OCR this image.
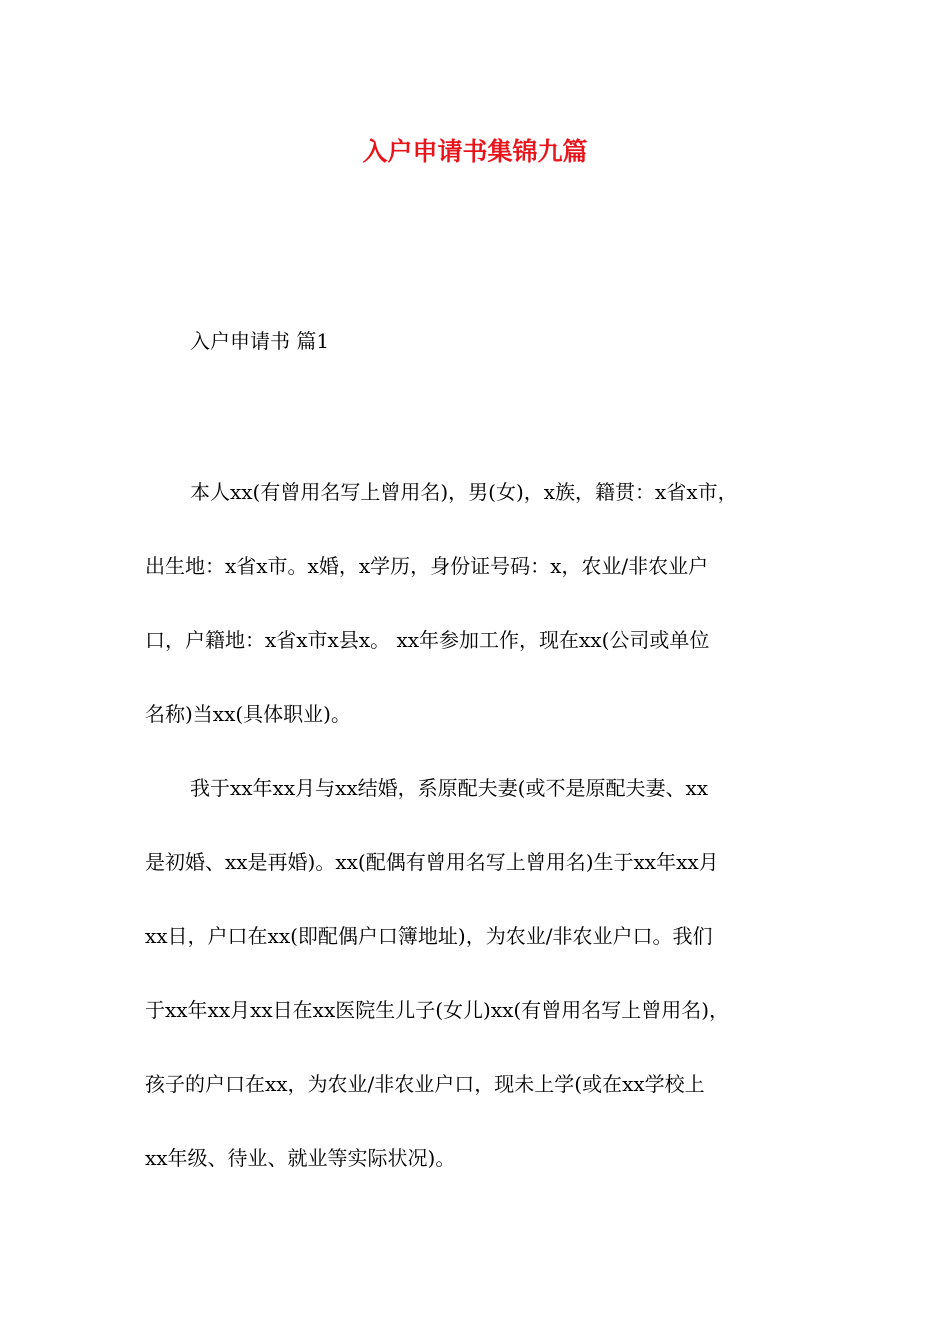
入户申请书集锦九篇

入户申请书 篇1

本人xx(有曾用名写上曾用名)，男(女)，x族，籍贯：x省x市，
出生地：x省x市。x婚，x学历，身份证号码：x，农业/非农业户
口，户籍地：x省x市x县x。 xx年参加工作，现在xx(公司或单位
名称)当xx(具体职业)。
我于xx年xx月与xx结婚，系原配夫妻(或不是原配夫妻、xx
是初婚、xx是再婚)。xx(配偶有曾用名写上曾用名)生于xx年xx月
xx日，户口在xx(即配偶户口簿地址)，为农业/非农业户口。我们
于xx年xx月xx日在xx医院生儿子(女儿)xx(有曾用名写上曾用名)，
孩子的户口在xx，为农业/非农业户口，现未上学(或在xx学校上
xx年级、待业、就业等实际状况)。
